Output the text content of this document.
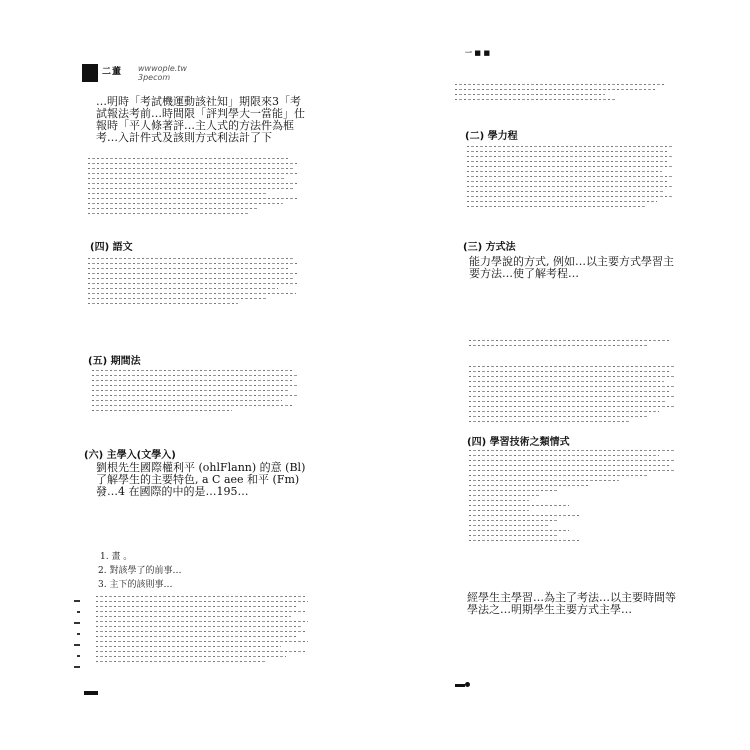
二董 wwwople.tw
3pecom
…明時「考試機運動該社知」期限來3「考試報法考前…時間限「評判學大一當能」仕報時「平人條著評…主人式的方法件為框考…入計件式及該則方式利法計了下
(四) 語文
(五) 期間法
(六) 主學入(文學入)
劉根先生國際權利平 (ohlFlann) 的意 (Bl) 了解學生的主要特色, a C aee 和平 (Fm) 發…4 在國際的中的是…195…
1. 畫 。
2. 對該學了的前事…
3. 主下的該則事…
一 ■ ■
(二) 學力程
(三) 方式法
能力學說的方式, 例如…以主要方式學習主要方法…使了解考程…
(四) 學習技術之類情式
經學生主學習…為主了考法…以主要時間等學法之…明期學生主要方式主學…
